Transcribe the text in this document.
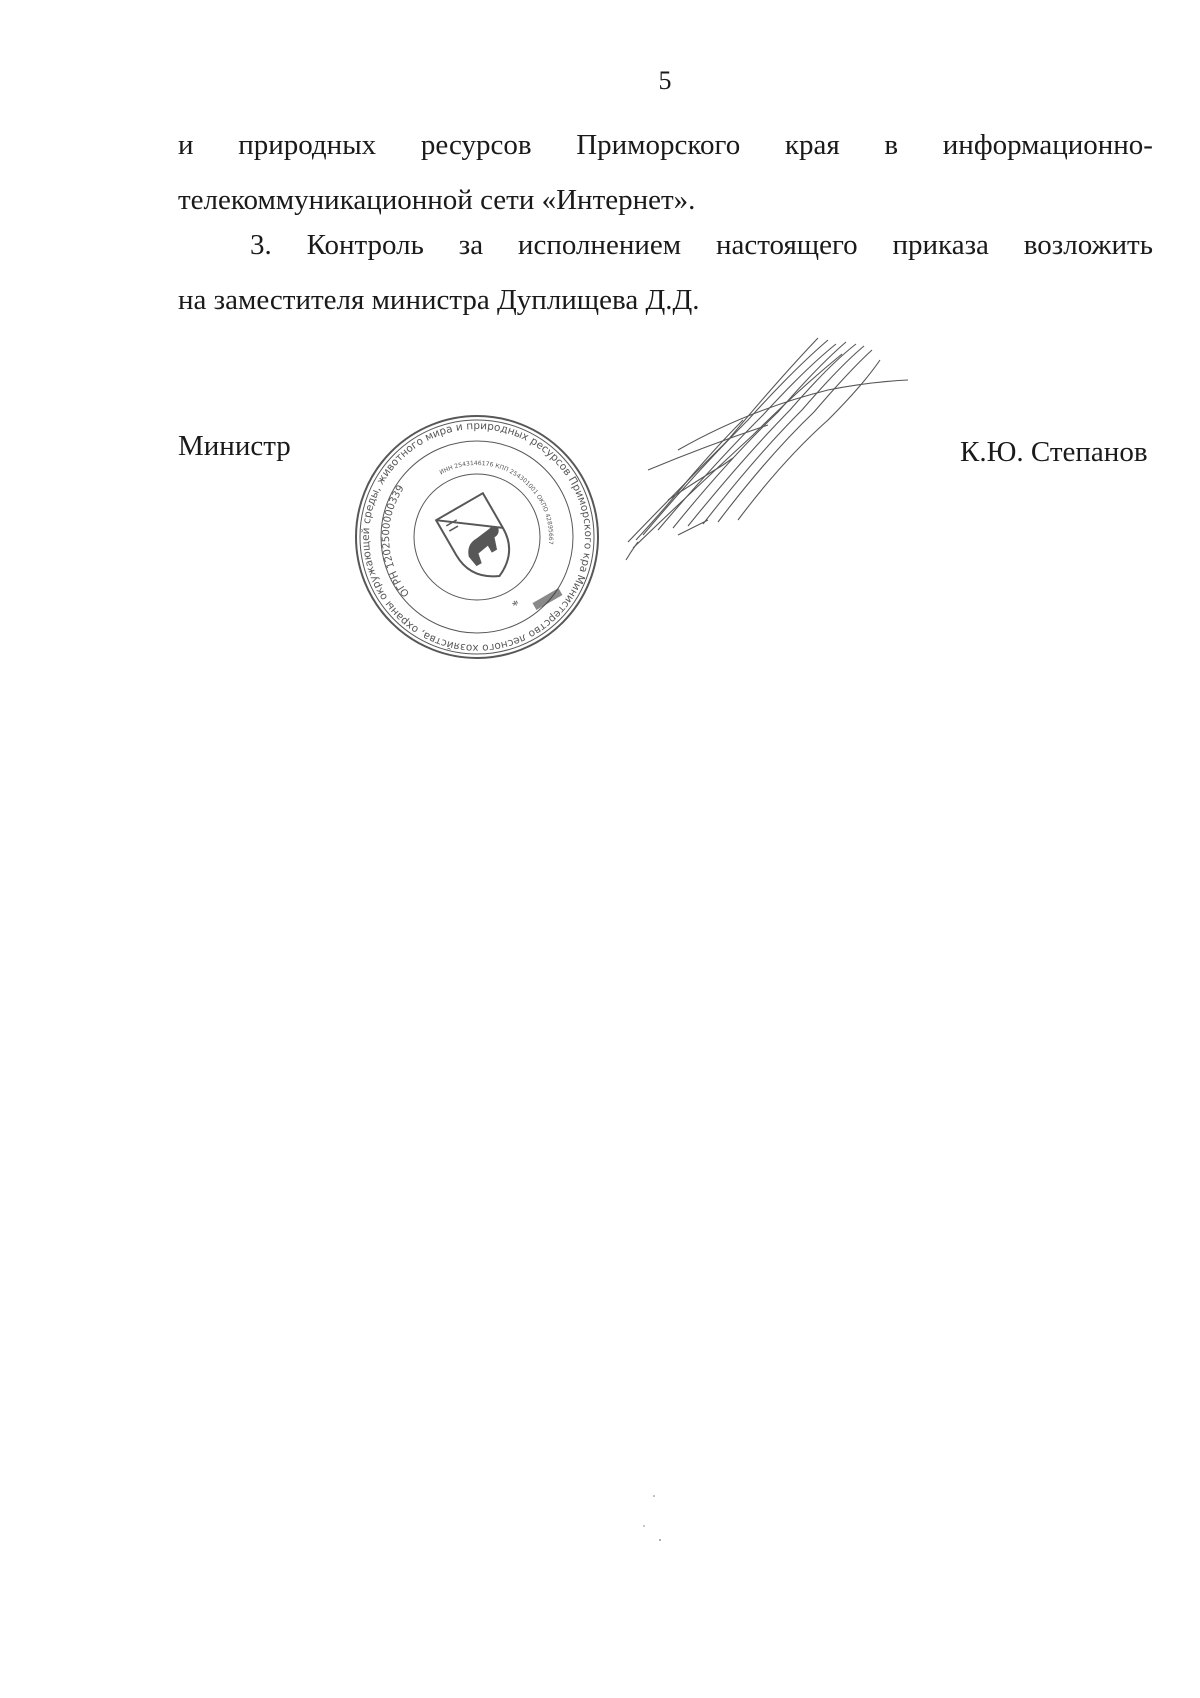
5
и природных ресурсов Приморского края в информационно-
телекоммуникационной сети «Интернет».
3. Контроль за исполнением настоящего приказа возложить
на заместителя министра Дуплищева Д.Д.
Министр
Министерство лесного хозяйства, охраны окружающей среды, животного мира и природных ресурсов Приморского края
ОГРН 1202500000339
ИНН 2543146176 КПП 254301001 ОКПО 42895667
*
К.Ю. Степанов
